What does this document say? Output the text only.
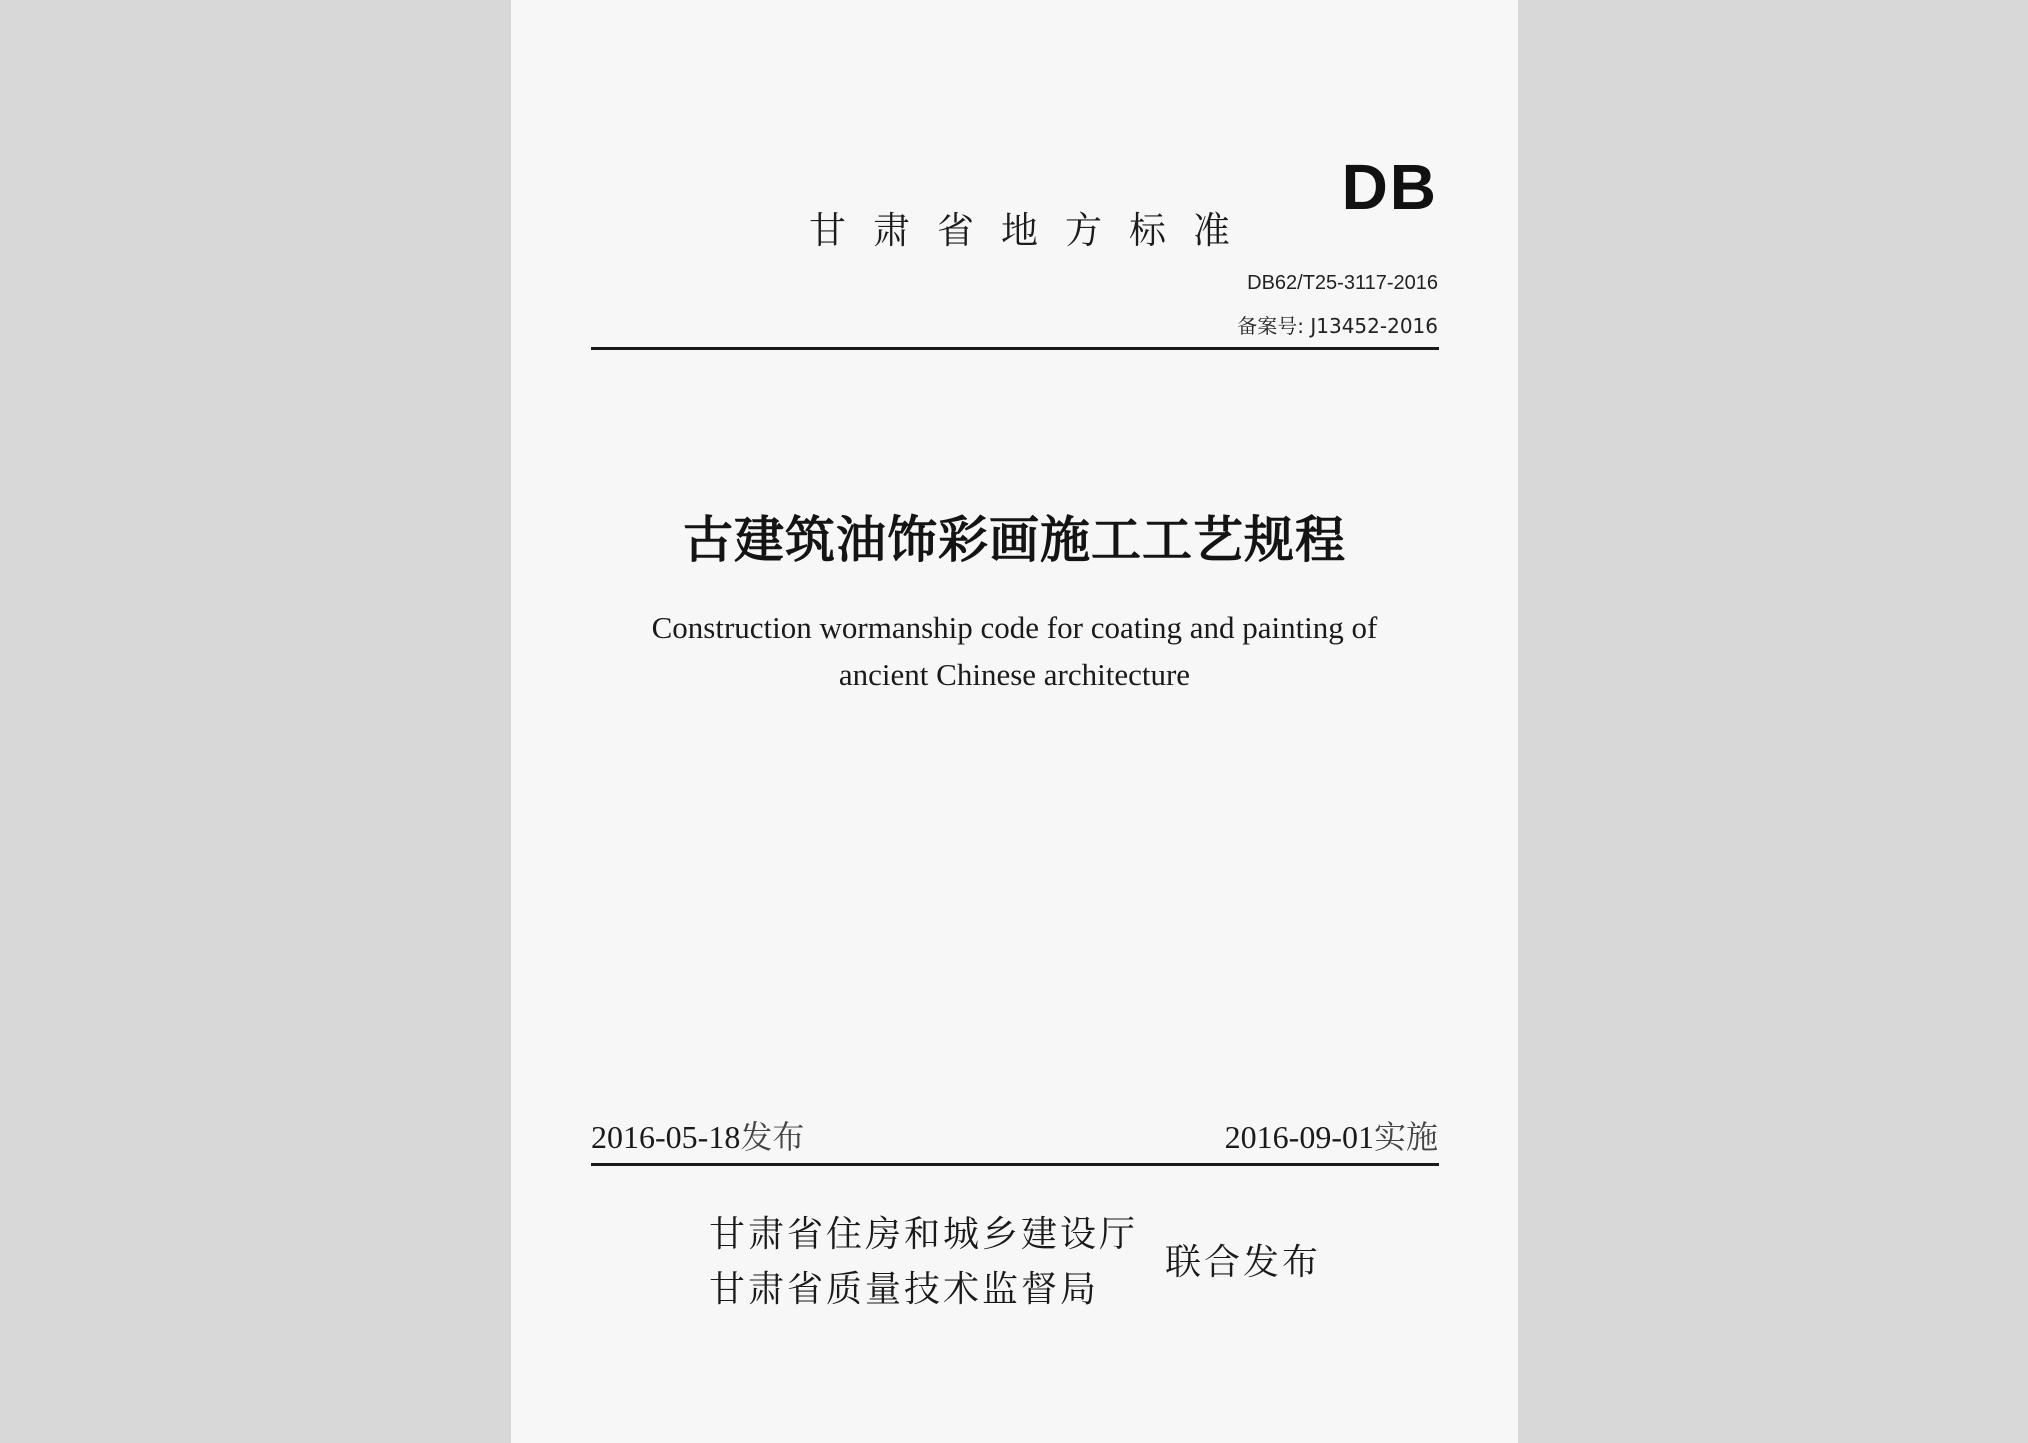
甘肃省地方标准
DB
DB62/T25-3117-2016
备案号: J13452-2016
古建筑油饰彩画施工工艺规程
Construction wormanship code for coating and painting of
ancient Chinese architecture
2016-05-18发布	2016-09-01实施
甘肃省住房和城乡建设厅
甘肃省质量技术监督局
联合发布
